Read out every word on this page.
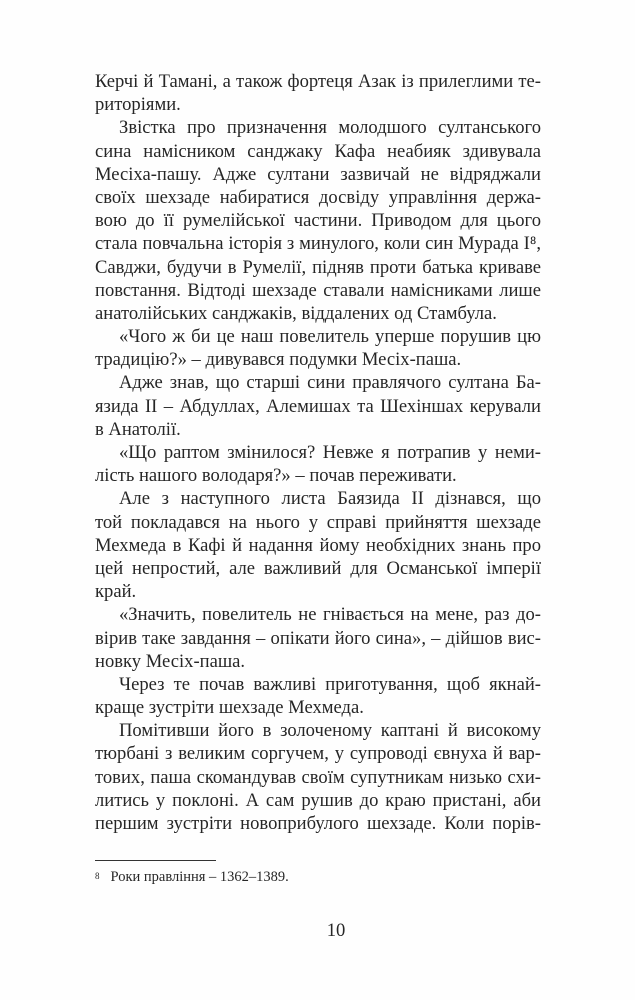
Керчі й Тамані, а також фортеця Азак із прилеглими те-
риторіями.
Звістка про призначення молодшого султанського
сина намісником санджаку Кафа неабияк здивувала
Месіха-пашу. Адже султани зазвичай не відряджали
своїх шехзаде набиратися досвіду управління держа-
вою до її румелійської частини. Приводом для цього
стала повчальна історія з минулого, коли син Мурада I⁸,
Савджи, будучи в Румелії, підняв проти батька криваве
повстання. Відтоді шехзаде ставали намісниками лише
анатолійських санджаків, віддалених од Стамбула.
«Чого ж би це наш повелитель уперше порушив цю
традицію?» – дивувався подумки Месіх-паша.
Адже знав, що старші сини правлячого султана Ба-
язида II – Абдуллах, Алемишах та Шехіншах керували
в Анатолії.
«Що раптом змінилося? Невже я потрапив у неми-
лість нашого володаря?» – почав переживати.
Але з наступного листа Баязида II дізнався, що
той покладався на нього у справі прийняття шехзаде
Мехмеда в Кафі й надання йому необхідних знань про
цей непростий, але важливий для Османської імперії
край.
«Значить, повелитель не гнівається на мене, раз до-
вірив таке завдання – опікати його сина», – дійшов вис-
новку Месіх-паша.
Через те почав важливі приготування, щоб якнай-
краще зустріти шехзаде Мехмеда.
Помітивши його в золоченому каптані й високому
тюрбані з великим соргучем, у супроводі євнуха й вар-
тових, паша скомандував своїм супутникам низько схи-
литись у поклоні. А сам рушив до краю пристані, аби
першим зустріти новоприбулого шехзаде. Коли порів-
$^8$ Роки правління – 1362–1389.
10
